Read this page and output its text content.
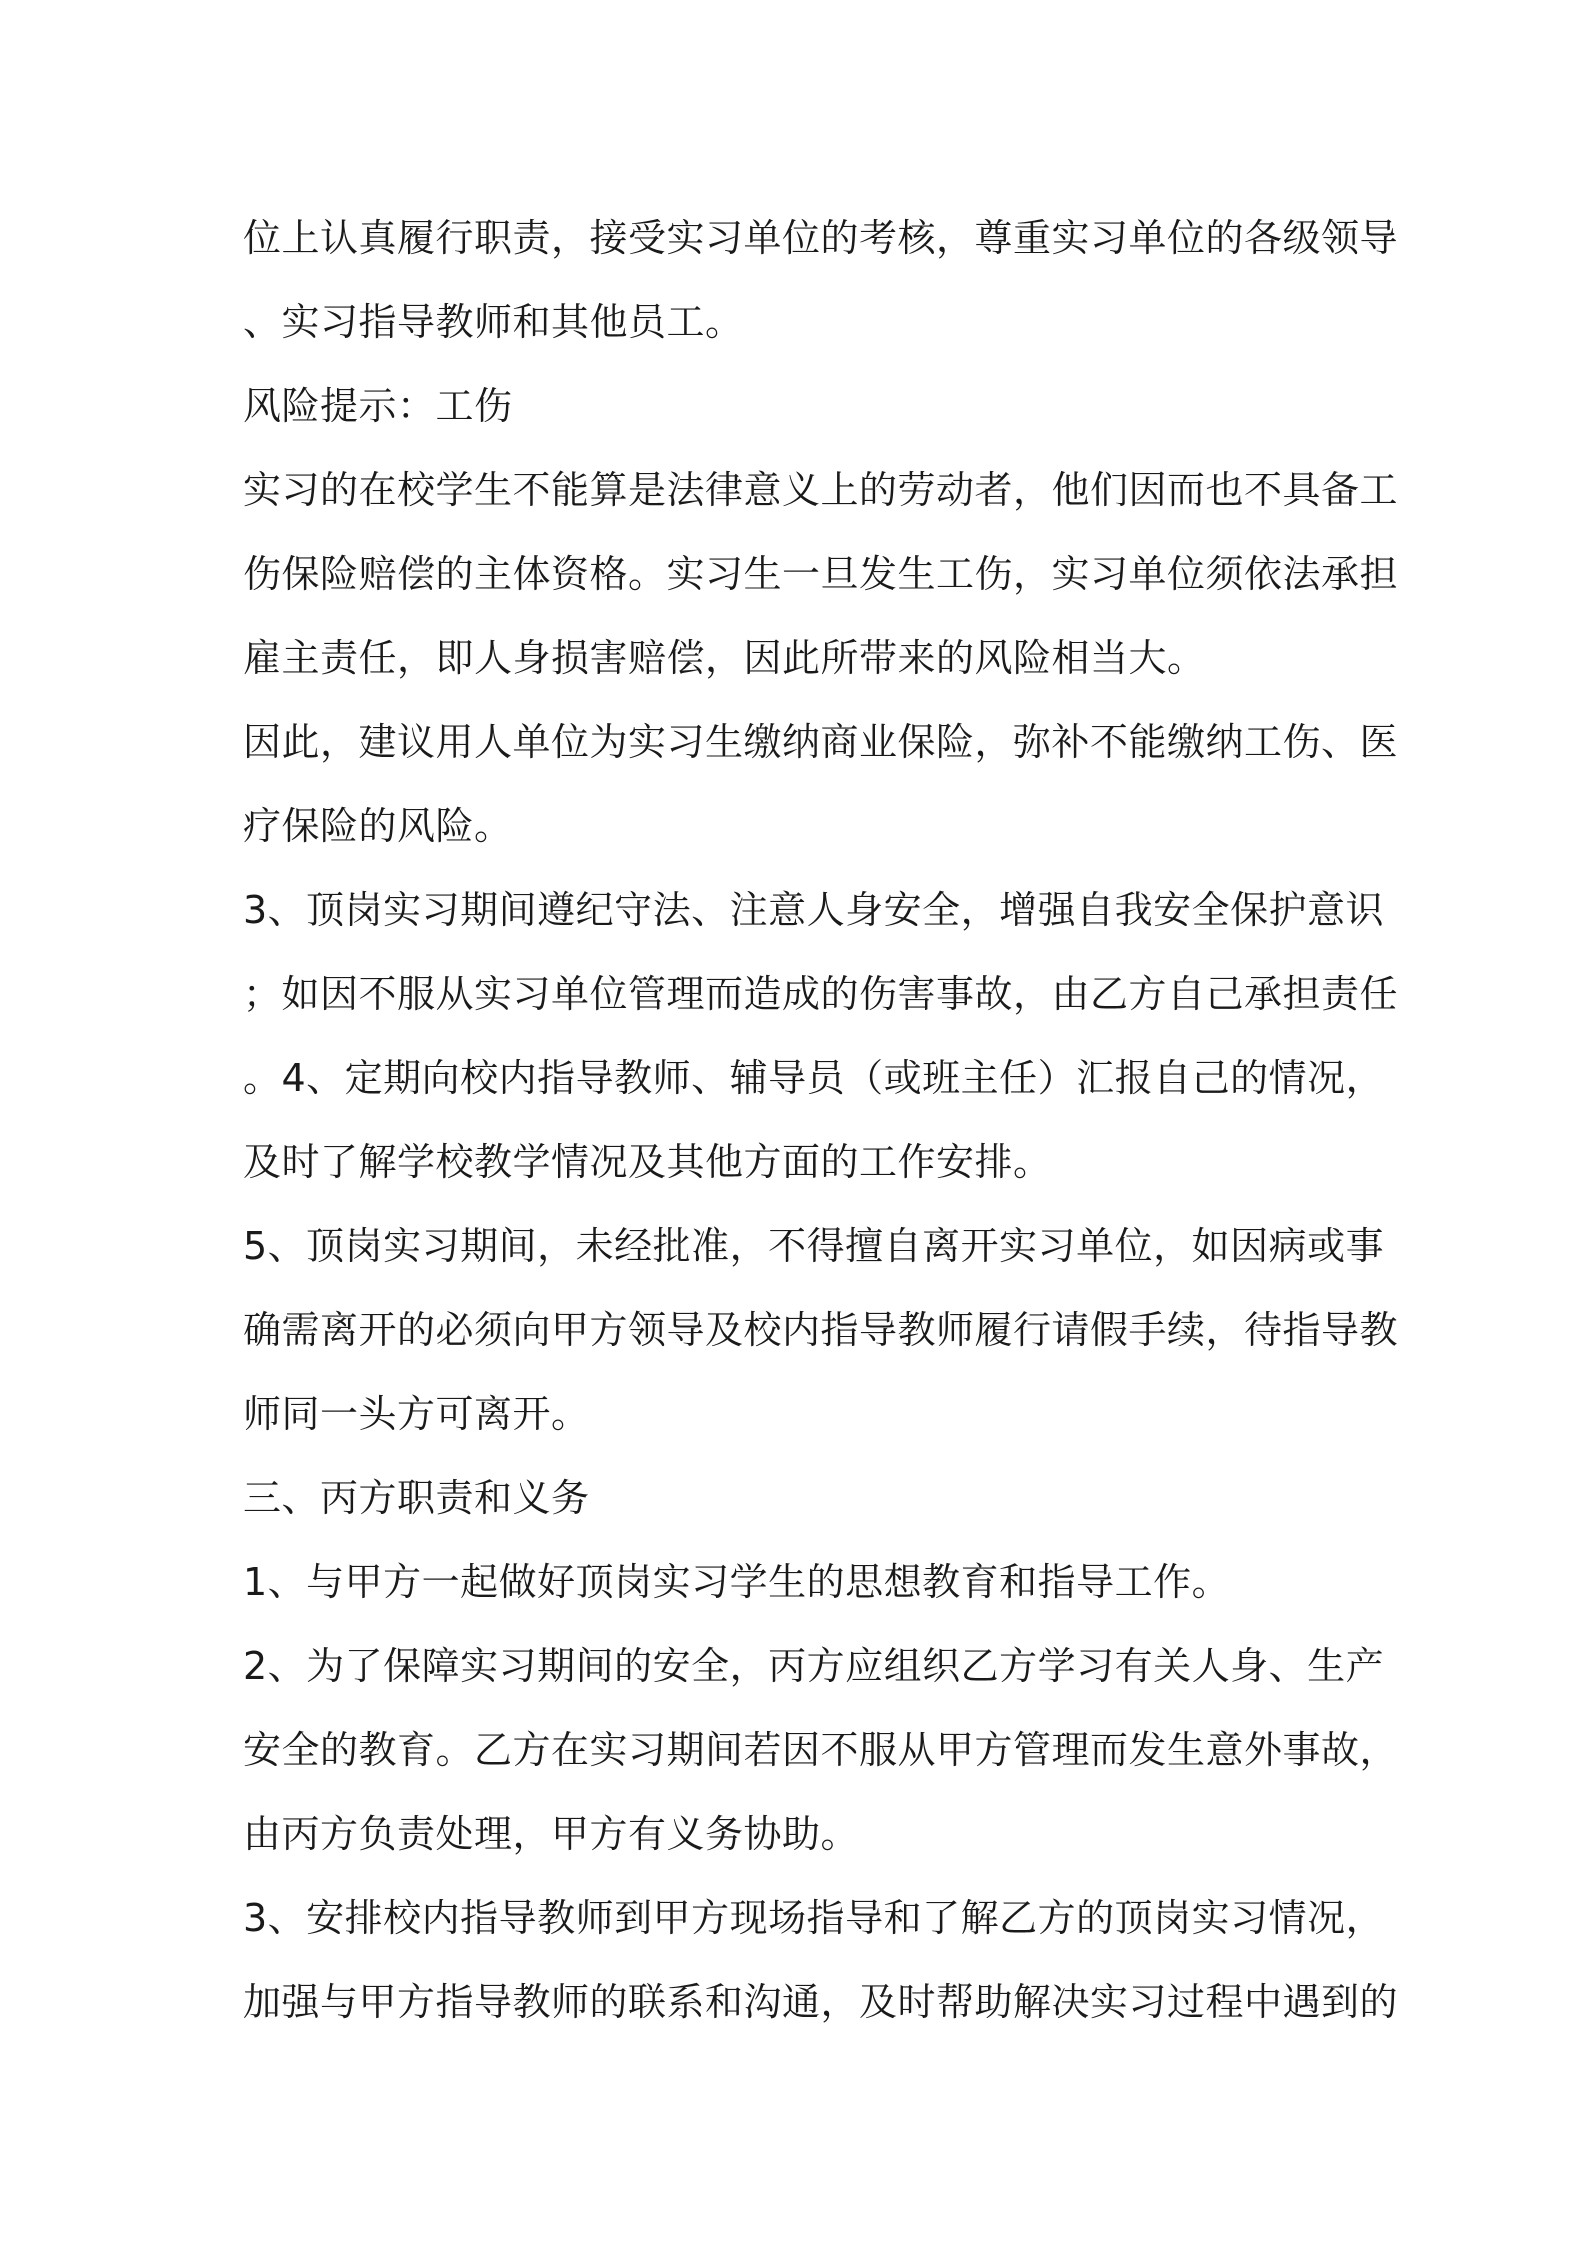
位上认真履行职责，接受实习单位的考核，尊重实习单位的各级领导
、实习指导教师和其他员工。
风险提示：工伤
实习的在校学生不能算是法律意义上的劳动者，他们因而也不具备工
伤保险赔偿的主体资格。实习生一旦发生工伤，实习单位须依法承担
雇主责任，即人身损害赔偿，因此所带来的风险相当大。
因此，建议用人单位为实习生缴纳商业保险，弥补不能缴纳工伤、医
疗保险的风险。
3、顶岗实习期间遵纪守法、注意人身安全，增强自我安全保护意识
；如因不服从实习单位管理而造成的伤害事故，由乙方自己承担责任
。4、定期向校内指导教师、辅导员（或班主任）汇报自己的情况，
及时了解学校教学情况及其他方面的工作安排。
5、顶岗实习期间，未经批准，不得擅自离开实习单位，如因病或事
确需离开的必须向甲方领导及校内指导教师履行请假手续，待指导教
师同一头方可离开。
三、丙方职责和义务
1、与甲方一起做好顶岗实习学生的思想教育和指导工作。
2、为了保障实习期间的安全，丙方应组织乙方学习有关人身、生产
安全的教育。乙方在实习期间若因不服从甲方管理而发生意外事故，
由丙方负责处理，甲方有义务协助。
3、安排校内指导教师到甲方现场指导和了解乙方的顶岗实习情况，
加强与甲方指导教师的联系和沟通，及时帮助解决实习过程中遇到的
